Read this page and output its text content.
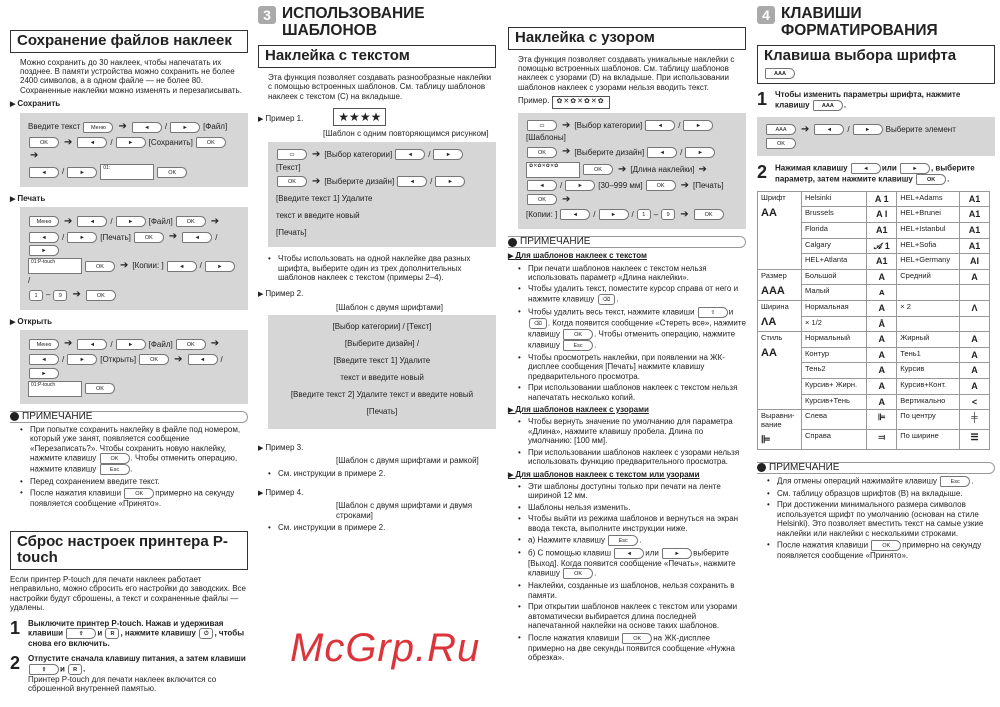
Сохранение файлов наклеек
Можно сохранить до 30 наклеек, чтобы напечатать их позднее. В памяти устройства можно сохранить не более 2400 символов, а в одном файле — не более 80. Сохраненные наклейки можно изменять и перезаписывать.
▶ Сохранить
Введите текст	Меню	➔	◄	/	►	[Файл]
OK	➔	◄	/	►	[Сохранить]	OK
➔
◄	/	►
01:
OK
▶ Печать
Меню	➔	◄	/	►	[Файл]	OK	➔
◄	/	►	[Печать]	OK	➔	◄	/
►
01:P-touch
OK	➔ [Копии: ]	◄	/	►
/
1	–	9	➔	OK
▶ Открыть
Меню	➔	◄	/	►	[Файл]	OK	➔
◄	/	►	[Открыть]	OK	➔	◄	/
►
01:P-touch
OK
ПРИМЕЧАНИЕ
• При попытке сохранить наклейку в файле под номером, который уже занят, появляется сообщение «Перезаписать?». Чтобы сохранить новую наклейку, нажмите клавишу	OK . Чтобы отменить операцию, нажмите клавишу Esc .
• Перед сохранением введите текст.
• После нажатия клавиши	OK примерно на секунду появляется сообщение «Принято».
Сброс настроек принтера P-touch
Если принтер P-touch для печати наклеек работает неправильно, можно сбросить его настройки до заводских. Все настройки будут сброшены, а текст и сохраненные файлы — удалены.
1 Выключите принтер P-touch. Нажав и удерживая клавиши	⇧ и R , нажмите клавишу ⏻ , чтобы снова его включить.
2 Отпустите сначала клавишу питания, а затем клавиши ⇧ и R .
Принтер P-touch для печати наклеек включится со сброшенной внутренней памятью.
3 ИСПОЛЬЗОВАНИЕ ШАБЛОНОВ
Наклейка с текстом
Эта функция позволяет создавать разнообразные наклейки с помощью встроенных шаблонов. См. таблицу шаблонов наклеек с текстом (C) на вкладыше.
▶ Пример 1.	★★★★
[Шаблон с одним повторяющимся рисунком]
▭	➔ [Выбор категории]	◄	/	►
[Текст]
OK	➔ [Выберите дизайн]	◄	/	►
[Введите текст 1] Удалите
текст и введите новый
[Печать]
• Чтобы использовать на одной наклейке два разных шрифта, выберите один из трех дополнительных шаблонов наклеек с текстом (примеры 2–4).
▶ Пример 2.
[Шаблон с двумя шрифтами]
[Выбор категории] / [Текст]
[Выберите дизайн] /
[Введите текст 1] Удалите
текст и введите новый
[Введите текст 2] Удалите текст и введите новый
[Печать]
▶ Пример 3.
[Шаблон с двумя шрифтами и рамкой]
• См. инструкции в примере 2.
▶ Пример 4.
[Шаблон с двумя шрифтами и двумя строками]
• См. инструкции в примере 2.
Наклейка с узором
Эта функция позволяет создавать уникальные наклейки с помощью встроенных шаблонов. См. таблицу шаблонов наклеек с узорами (D) на вкладыше. При использовании шаблонов наклеек с узорами нельзя вводить текст.
Пример. ✿✕✿✕✿✕✿
▭	➔ [Выбор категории]	◄	/	►
[Шаблоны]
OK	➔ [Выберите дизайн]	◄	/	►
✿✕✿✕✿✕✿
OK	➔ [Длина наклейки] ➔
◄	/	►	[30–999 мм]	OK	➔ [Печать]
OK	➔
[Копии: ]	◄	/	►	/	1	–	9	➔	OK
ПРИМЕЧАНИЕ
▶ Для шаблонов наклеек с текстом
• При печати шаблонов наклеек с текстом нельзя использовать параметр «Длина наклейки».
• Чтобы удалить текст, поместите курсор справа от него и нажмите клавишу ⌫ .
• Чтобы удалить весь текст, нажмите клавиши	⇧ и ⌫ . Когда появится сообщение «Стереть все», нажмите клавишу	OK . Чтобы отменить операцию, нажмите клавишу Esc .
• Чтобы просмотреть наклейки, при появлении на ЖК-дисплее сообщения [Печать] нажмите клавишу предварительного просмотра.
• При использовании шаблонов наклеек с текстом нельзя напечатать несколько копий.
▶ Для шаблонов наклеек с узорами
• Чтобы вернуть значение по умолчанию для параметра «Длина», нажмите клавишу пробела. Длина по умолчанию: [100 мм].
• При использовании шаблонов наклеек с узорами нельзя использовать функцию предварительного просмотра.
▶ Для шаблонов наклеек с текстом или узорами
• Эти шаблоны доступны только при печати на ленте шириной 12 мм.
• Шаблоны нельзя изменить.
• Чтобы выйти из режима шаблонов и вернуться на экран ввода текста, выполните инструкции ниже.
• а) Нажмите клавишу Esc .
• б) С помощью клавиш	◄ или	► выберите [Выход]. Когда появится сообщение «Печать», нажмите клавишу	OK .
• Наклейки, созданные из шаблонов, нельзя сохранить в памяти.
• При открытии шаблонов наклеек с текстом или узорами автоматически выбирается длина последней напечатанной наклейки на основе таких шаблонов.
• После нажатия клавиши	OK на ЖК-дисплее примерно на две секунды появится сообщение «Нужна обрезка».
4 КЛАВИШИ ФОРМАТИРОВАНИЯ
Клавиша выбора шрифта AAA
1 Чтобы изменить параметры шрифта, нажмите клавишу AAA .
AAA	➔	◄	/	►	Выберите элемент
OK
2 Нажимая клавишу	◄ или	► , выберите параметр, затем нажмите клавишу	OK .
Шрифт
AA	Helsinki	A 1	HEL+Adams	A1
	Brussels	A I	HEL+Brunei	A1
	Florida	A1	HEL+Istanbul	A1
	Calgary	𝒜 1	HEL+Sofia	A1
	HEL+Atlanta	A1	HEL+Germany	AI
Размер
AAA	Большой	A	Средний	A
	Малый	ᴀ		
Ширина
ΛA	Нормальная	A	× 2	Λ
	× 1/2	Å		
Стиль
AA	Нормальный	A	Жирный	A
	Контур	A	Тень1	A
	Тень2	A	Курсив	A
	Курсив+ Жирн.	A	Курсив+Конт.	A
	Курсив+Тень	A	Вертикально	<
Выравни-вание
⊫	Слева	⊫	По центру	╪
	Справа	⫤	По ширине	☰
ПРИМЕЧАНИЕ
• Для отмены операций нажимайте клавишу Esc .
• См. таблицу образцов шрифтов (B) на вкладыше.
• При достижении минимального размера символов используется шрифт по умолчанию (основан на стиле Helsinki). Это позволяет вместить текст на самые узкие наклейки или наклейки с несколькими строками.
• После нажатия клавиши	OK примерно на секунду появляется сообщение «Принято».
McGrp.Ru
